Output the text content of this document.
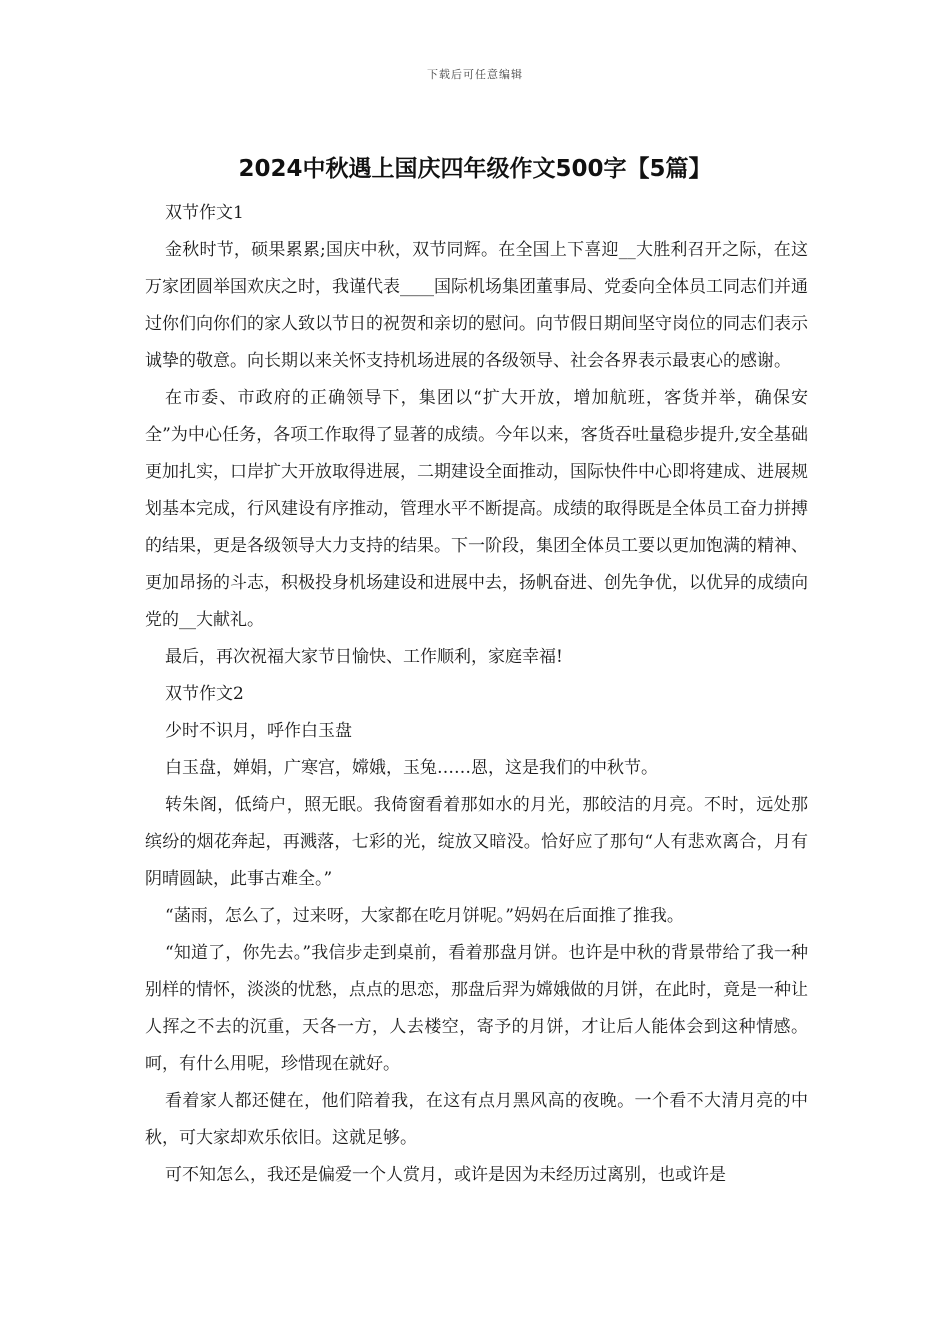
下载后可任意编辑
2024中秋遇上国庆四年级作文500字【5篇】

双节作文1

金秋时节，硕果累累;国庆中秋，双节同辉。在全国上下喜迎__大胜利召开之际，在这万家团圆举国欢庆之时，我谨代表____国际机场集团董事局、党委向全体员工同志们并通过你们向你们的家人致以节日的祝贺和亲切的慰问。向节假日期间坚守岗位的同志们表示诚挚的敬意。向长期以来关怀支持机场进展的各级领导、社会各界表示最衷心的感谢。

在市委、市政府的正确领导下，集团以“扩大开放，增加航班，客货并举，确保安全”为中心任务，各项工作取得了显著的成绩。今年以来，客货吞吐量稳步提升,安全基础更加扎实，口岸扩大开放取得进展，二期建设全面推动，国际快件中心即将建成、进展规划基本完成，行风建设有序推动，管理水平不断提高。成绩的取得既是全体员工奋力拼搏的结果，更是各级领导大力支持的结果。下一阶段，集团全体员工要以更加饱满的精神、更加昂扬的斗志，积极投身机场建设和进展中去，扬帆奋进、创先争优，以优异的成绩向党的__大献礼。

最后，再次祝福大家节日愉快、工作顺利，家庭幸福!

双节作文2

少时不识月，呼作白玉盘

白玉盘，婵娟，广寒宫，嫦娥，玉兔……恩，这是我们的中秋节。

转朱阁，低绮户，照无眠。我倚窗看着那如水的月光，那皎洁的月亮。不时，远处那缤纷的烟花奔起，再溅落，七彩的光，绽放又暗没。恰好应了那句“人有悲欢离合，月有阴晴圆缺，此事古难全。”

“菡雨，怎么了，过来呀，大家都在吃月饼呢。”妈妈在后面推了推我。

“知道了，你先去。”我信步走到桌前，看着那盘月饼。也许是中秋的背景带给了我一种别样的情怀，淡淡的忧愁，点点的思恋，那盘后羿为嫦娥做的月饼，在此时，竟是一种让人挥之不去的沉重，天各一方，人去楼空，寄予的月饼，才让后人能体会到这种情感。呵，有什么用呢，珍惜现在就好。

看着家人都还健在，他们陪着我，在这有点月黑风高的夜晚。一个看不大清月亮的中秋，可大家却欢乐依旧。这就足够。

可不知怎么，我还是偏爱一个人赏月，或许是因为未经历过离别，也或许是
